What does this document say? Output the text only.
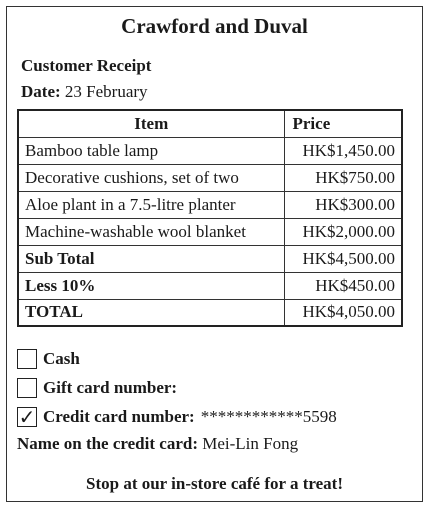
Crawford and Duval
Customer Receipt
Date: 23 February
Item	Price
Bamboo table lamp	HK$1,450.00
Decorative cushions, set of two	HK$750.00
Aloe plant in a 7.5-litre planter	HK$300.00
Machine-washable wool blanket	HK$2,000.00
Sub Total	HK$4,500.00
Less 10%	HK$450.00
TOTAL	HK$4,050.00
Cash
Gift card number:
✓ Credit card number: ************5598
Name on the credit card: Mei-Lin Fong
Stop at our in-store café for a treat!
